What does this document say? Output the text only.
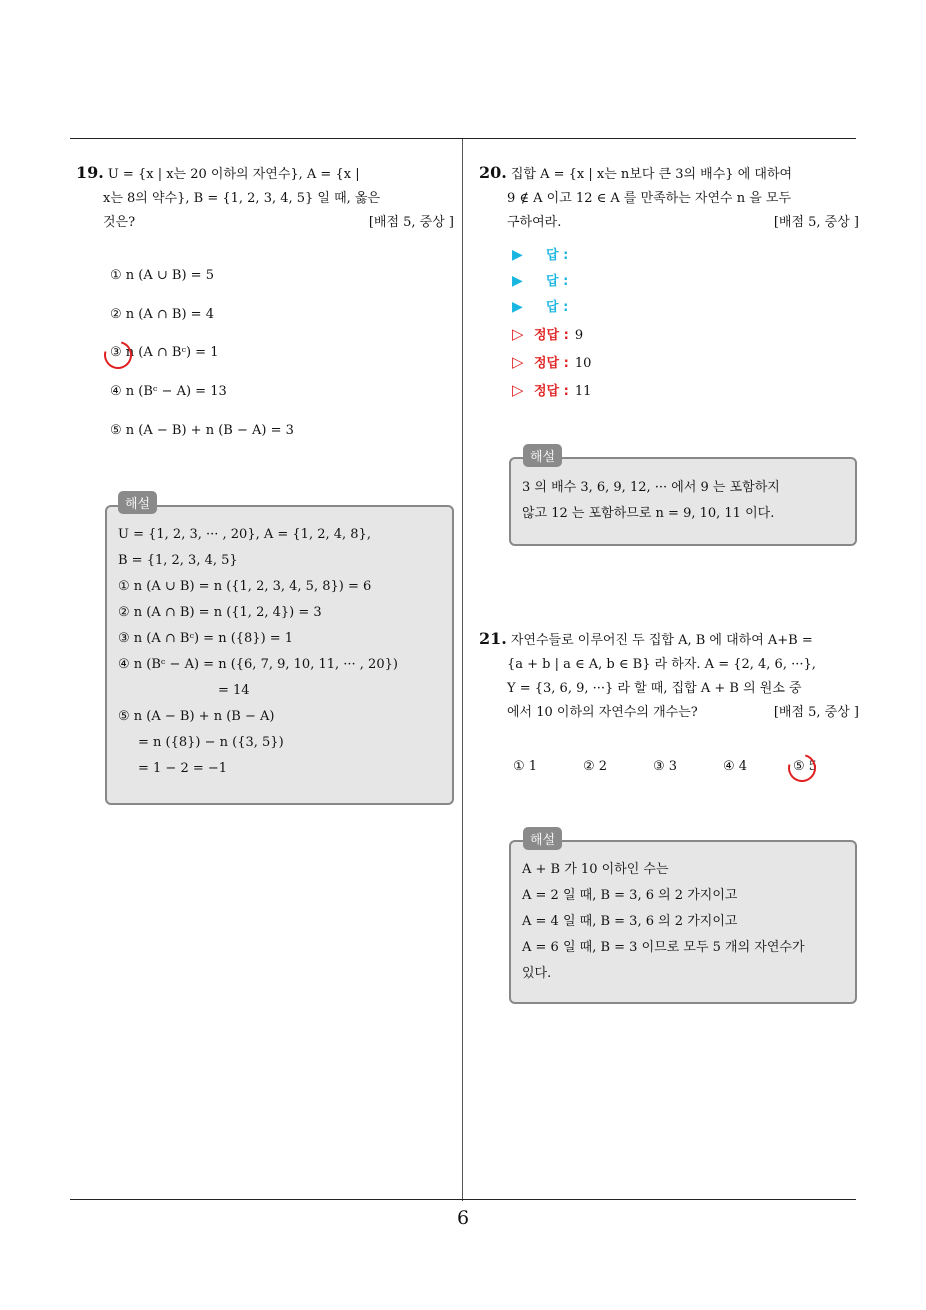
19. U = {x | x는 20 이하의 자연수}, A = {x |
x는 8의 약수}, B = {1, 2, 3, 4, 5} 일 때, 옳은
것은?	[배점 5, 중상 ]
① n (A ∪ B) = 5
② n (A ∩ B) = 4
③ n (A ∩ Bᶜ) = 1
④ n (Bᶜ − A) = 13
⑤ n (A − B) + n (B − A) = 3
해설
U = {1, 2, 3, ··· , 20}, A = {1, 2, 4, 8},
B = {1, 2, 3, 4, 5}
① n (A ∪ B) = n ({1, 2, 3, 4, 5, 8}) = 6
② n (A ∩ B) = n ({1, 2, 4}) = 3
③ n (A ∩ Bᶜ) = n ({8}) = 1
④ n (Bᶜ − A) = n ({6, 7, 9, 10, 11, ··· , 20})
= 14
⑤ n (A − B) + n (B − A)
= n ({8}) − n ({3, 5})
= 1 − 2 = −1
20. 집합 A = {x | x는 n보다 큰 3의 배수} 에 대하여
9 ∉ A 이고 12 ∈ A 를 만족하는 자연수 n 을 모두
구하여라.	[배점 5, 중상 ]
▶ 답 :
▶ 답 :
▶ 답 :
▷ 정답 : 9
▷ 정답 : 10
▷ 정답 : 11
해설
3 의 배수 3, 6, 9, 12, ··· 에서 9 는 포함하지
않고 12 는 포함하므로 n = 9, 10, 11 이다.
21. 자연수들로 이루어진 두 집합 A, B 에 대하여 A+B =
{a + b | a ∈ A, b ∈ B} 라 하자. A = {2, 4, 6, ···},
Y = {3, 6, 9, ···} 라 할 때, 집합 A + B 의 원소 중
에서 10 이하의 자연수의 개수는?	[배점 5, 중상 ]
① 1	② 2	③ 3	④ 4	⑤ 5
해설
A + B 가 10 이하인 수는
A = 2 일 때, B = 3, 6 의 2 가지이고
A = 4 일 때, B = 3, 6 의 2 가지이고
A = 6 일 때, B = 3 이므로 모두 5 개의 자연수가
있다.
6
